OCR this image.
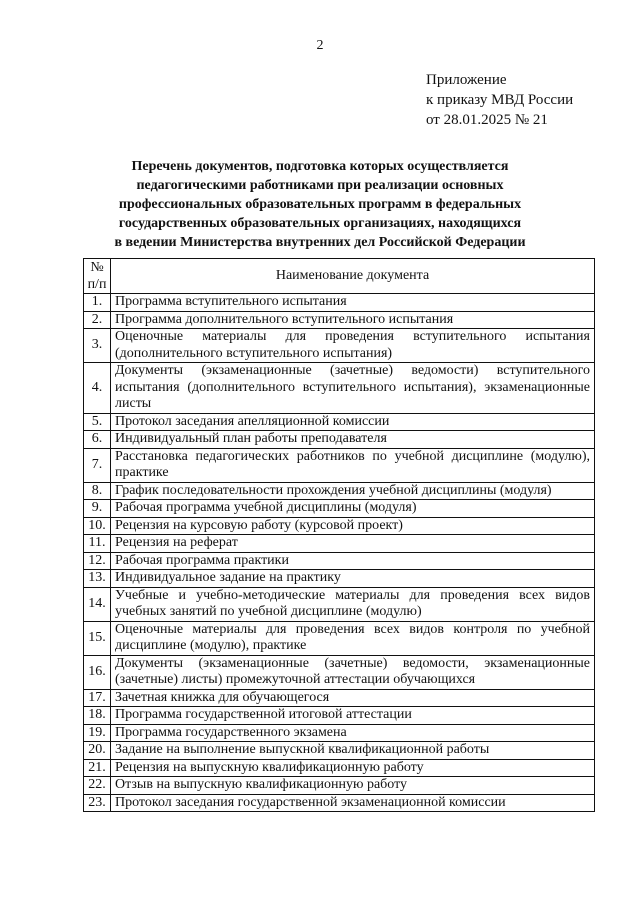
2
Приложение
к приказу МВД России
от 28.01.2025 № 21
Перечень документов, подготовка которых осуществляется
педагогическими работниками при реализации основных
профессиональных образовательных программ в федеральных
государственных образовательных организациях, находящихся
в ведении Министерства внутренних дел Российской Федерации
№
п/п	Наименование документа
1.	Программа вступительного испытания
2.	Программа дополнительного вступительного испытания
3.	Оценочные материалы для проведения вступительного испытания (дополнительного вступительного испытания)
4.	Документы (экзаменационные (зачетные) ведомости) вступительного испытания (дополнительного вступительного испытания), экзаменационные листы
5.	Протокол заседания апелляционной комиссии
6.	Индивидуальный план работы преподавателя
7.	Расстановка педагогических работников по учебной дисциплине (модулю), практике
8.	График последовательности прохождения учебной дисциплины (модуля)
9.	Рабочая программа учебной дисциплины (модуля)
10.	Рецензия на курсовую работу (курсовой проект)
11.	Рецензия на реферат
12.	Рабочая программа практики
13.	Индивидуальное задание на практику
14.	Учебные и учебно-методические материалы для проведения всех видов учебных занятий по учебной дисциплине (модулю)
15.	Оценочные материалы для проведения всех видов контроля по учебной дисциплине (модулю), практике
16.	Документы (экзаменационные (зачетные) ведомости, экзаменационные (зачетные) листы) промежуточной аттестации обучающихся
17.	Зачетная книжка для обучающегося
18.	Программа государственной итоговой аттестации
19.	Программа государственного экзамена
20.	Задание на выполнение выпускной квалификационной работы
21.	Рецензия на выпускную квалификационную работу
22.	Отзыв на выпускную квалификационную работу
23.	Протокол заседания государственной экзаменационной комиссии
